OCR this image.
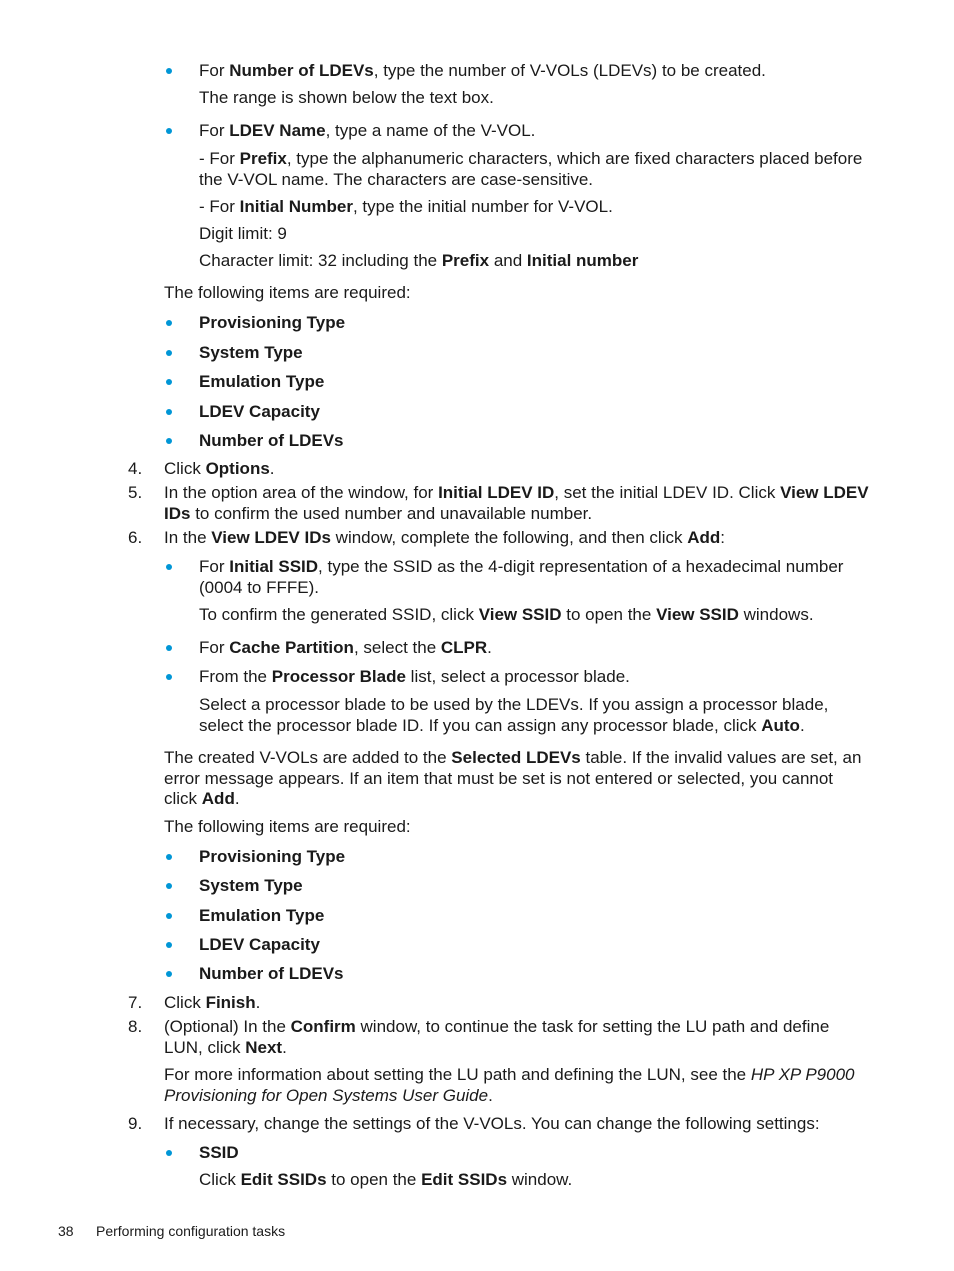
For Number of LDEVs, type the number of V-VOLs (LDEVs) to be created.
The range is shown below the text box.
For LDEV Name, type a name of the V-VOL.
- For Prefix, type the alphanumeric characters, which are fixed characters placed before the V-VOL name. The characters are case-sensitive.
- For Initial Number, type the initial number for V-VOL.
Digit limit: 9
Character limit: 32 including the Prefix and Initial number
The following items are required:
Provisioning Type
System Type
Emulation Type
LDEV Capacity
Number of LDEVs
4.	Click Options.
5.	In the option area of the window, for Initial LDEV ID, set the initial LDEV ID. Click View LDEV IDs to confirm the used number and unavailable number.
6.	In the View LDEV IDs window, complete the following, and then click Add:
For Initial SSID, type the SSID as the 4-digit representation of a hexadecimal number (0004 to FFFE).
To confirm the generated SSID, click View SSID to open the View SSID windows.
For Cache Partition, select the CLPR.
From the Processor Blade list, select a processor blade.
Select a processor blade to be used by the LDEVs. If you assign a processor blade, select the processor blade ID. If you can assign any processor blade, click Auto.
The created V-VOLs are added to the Selected LDEVs table. If the invalid values are set, an error message appears. If an item that must be set is not entered or selected, you cannot click Add.
The following items are required:
Provisioning Type
System Type
Emulation Type
LDEV Capacity
Number of LDEVs
7.	Click Finish.
8.	(Optional) In the Confirm window, to continue the task for setting the LU path and define LUN, click Next.
For more information about setting the LU path and defining the LUN, see the HP XP P9000 Provisioning for Open Systems User Guide.
9.	If necessary, change the settings of the V-VOLs. You can change the following settings:
SSID
Click Edit SSIDs to open the Edit SSIDs window.
38 Performing configuration tasks
